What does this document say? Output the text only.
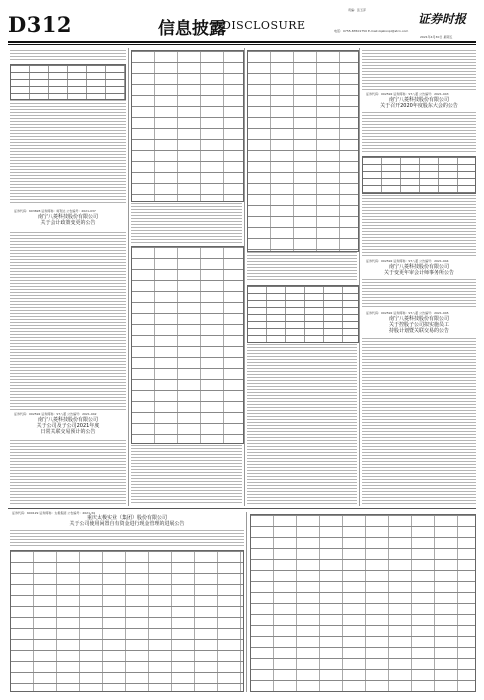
D312	信息披露
DISCLOSURE
责编：张玉萍
证券时报
电话：0755-83501750 E-mail:zqsbxxpl@stcn.com
2021年4月30日 星期五
证券代码：603828 证券简称：柯利达 公告编号：2021-037
南宁八菱科技股份有限公司
关于会计政策变更的公告
证券代码：002592 证券简称：ST八菱 公告编号：2021-042
南宁八菱科技股份有限公司
关于公司及子公司2021年度
日常关联交易预计的公告
证券代码：002592 证券简称：ST八菱 公告编号：2021-043
南宁八菱科技股份有限公司
关于召开2020年度股东大会的公告
证券代码：002592 证券简称：ST八菱 公告编号：2021-044
南宁八菱科技股份有限公司
关于变更年审会计师事务所公告
证券代码：002592 证券简称：ST八菱 公告编号：2021-045
南宁八菱科技股份有限公司
关于控股子公司拟实施员工
持股计划暨关联交易的公告
证券代码：600129 证券简称：太极集团 公告编号：2021-34
重庆太极实业（集团）股份有限公司
关于公司使用闲置自有资金进行现金管理的进展公告
